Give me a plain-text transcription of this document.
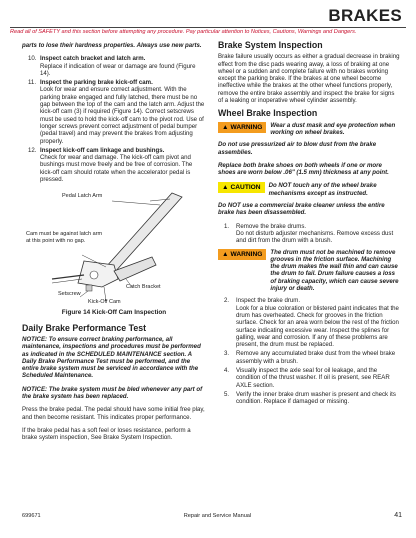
BRAKES
Read all of SAFETY and this section before attempting any procedure. Pay particular attention to Notices, Cautions, Warnings and Dangers.

parts to lose their hardness properties. Always use new parts.

10. Inspect catch bracket and latch arm.
Replace if indication of wear or damage are found (Figure 14).
11. Inspect the parking brake kick-off cam.
Look for wear and ensure correct adjustment. With the parking brake engaged and fully latched, there must be no gap between the top of the cam and the latch arm. Adjust the kick-off cam (3) if required (Figure 14). Correct setscrews must be used to hold the kick-off cam to the pivot rod. Use of longer screws prevent correct adjustment of pedal bumper (pedal travel) and may prevent the brakes from adjusting properly.
12. Inspect kick-off cam linkage and bushings.
Check for wear and damage. The kick-off cam pivot and bushings must move freely and be free of corrosion. The kick-off cam should rotate when the accelerator pedal is pressed.
Pedal Latch Arm
Cam must be against latch arm at this point with no gap.
Setscrew
Catch Bracket
Kick-Off Cam
Figure 14 Kick-Off Cam Inspection
Daily Brake Performance Test

NOTICE: To ensure correct braking performance, all maintenance, inspections and procedures must be performed as indicated in the SCHEDULED MAINTENANCE section. A Daily Brake Performance Test must be performed, and the entire brake system must be serviced in accordance with the Scheduled Maintenance.

NOTICE: The brake system must be bled whenever any part of the brake system has been replaced.

Press the brake pedal. The pedal should have some initial free play, and then become resistant. This indicates proper performance.

If the brake pedal has a soft feel or loses resistance, perform a brake system inspection, See Brake System Inspection.

Brake System Inspection

Brake failure usually occurs as either a gradual decrease in braking effect from the disc pads wearing away, a loss of braking at one wheel or a sudden and complete failure with no brakes working except the parking brake. If the brakes at one wheel become ineffective while the brakes at the other wheel functions properly, remove the entire brake assembly and inspect the brake for signs of a leaking or inoperative wheel cylinder assembly.

Wheel Brake Inspection
▲ WARNING Wear a dust mask and eye protection when working on wheel brakes.

Do not use pressurized air to blow dust from the brake assemblies.

Replace both brake shoes on both wheels if one or more shoes are worn below .06" (1.5 mm) thickness at any point.

▲ CAUTION Do NOT touch any of the wheel brake mechanisms except as instructed.

Do NOT use a commercial brake cleaner unless the entire brake has been disassembled.

1. Remove the brake drums.
Do not disturb adjuster mechanisms. Remove excess dust and dirt from the drum with a brush.
▲ WARNING The drum must not be machined to remove grooves in the friction surface. Machining the drum makes the wall thin and can cause the drum to fail. Drum failure causes a loss of braking capacity, which can cause severe injury or death.
2. Inspect the brake drum.
Look for a blue coloration or blistered paint indicates that the drum has overheated. Check for grooves in the friction surface. Check for an area worn below the rest of the friction surface indicating excessive wear. Inspect the splines for galling, wear and corrosion. If any of these problems are present, the drum must be replaced.
3. Remove any accumulated brake dust from the wheel brake assembly with a brush.
4. Visually inspect the axle seal for oil leakage, and the condition of the thrust washer. If oil is present, see REAR AXLE section.
5. Verify the inner brake drum washer is present and check its condition. Replace if damaged or missing.
699671	Repair and Service Manual	41
